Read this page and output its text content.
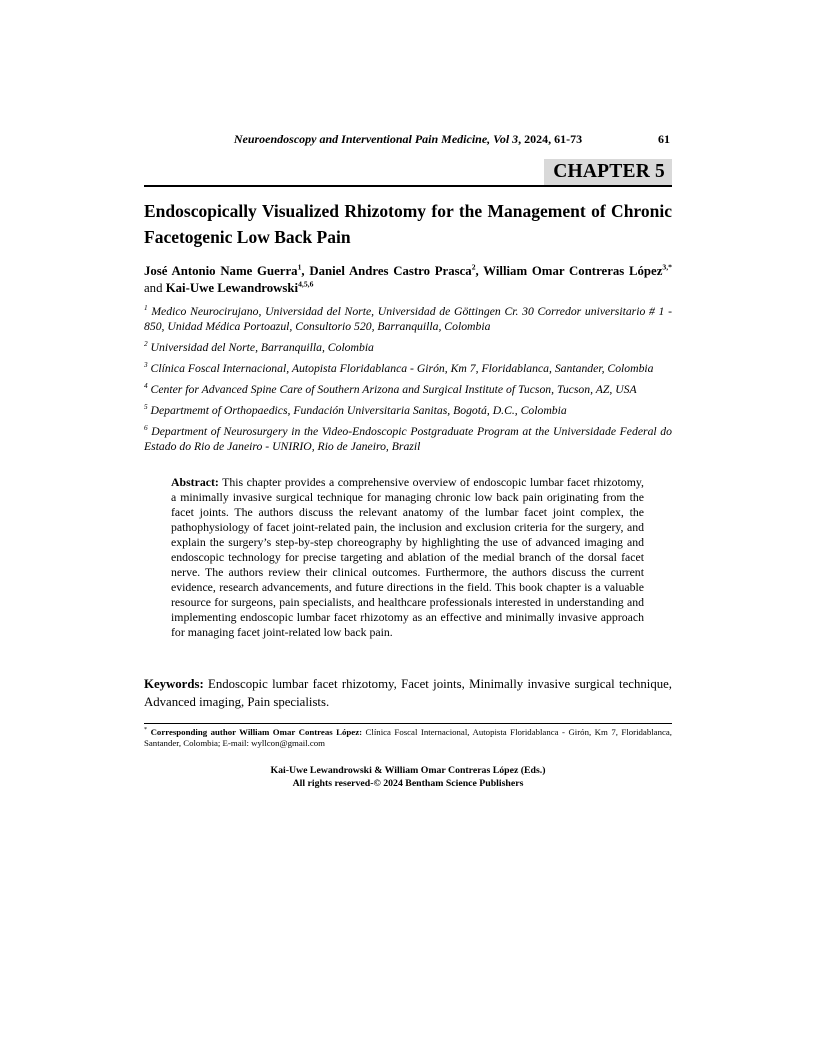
Neuroendoscopy and Interventional Pain Medicine, Vol 3, 2024, 61-73	61
CHAPTER 5
Endoscopically Visualized Rhizotomy for the Management of Chronic Facetogenic Low Back Pain

José Antonio Name Guerra$^1$, Daniel Andres Castro Prasca$^2$, William Omar Contreras López$^{3,*}$ and Kai-Uwe Lewandrowski$^{4,5,6}$

$^1$ Medico Neurocirujano, Universidad del Norte, Universidad de Göttingen Cr. 30 Corredor universitario # 1 - 850, Unidad Médica Portoazul, Consultorio 520, Barranquilla, Colombia

$^2$ Universidad del Norte, Barranquilla, Colombia

$^3$ Clínica Foscal Internacional, Autopista Floridablanca - Girón, Km 7, Floridablanca, Santander, Colombia

$^4$ Center for Advanced Spine Care of Southern Arizona and Surgical Institute of Tucson, Tucson, AZ, USA

$^5$ Departmemt of Orthopaedics, Fundación Universitaria Sanitas, Bogotá, D.C., Colombia

$^6$ Department of Neurosurgery in the Video-Endoscopic Postgraduate Program at the Universidade Federal do Estado do Rio de Janeiro - UNIRIO, Rio de Janeiro, Brazil

Abstract: This chapter provides a comprehensive overview of endoscopic lumbar facet rhizotomy, a minimally invasive surgical technique for managing chronic low back pain originating from the facet joints. The authors discuss the relevant anatomy of the lumbar facet joint complex, the pathophysiology of facet joint-related pain, the inclusion and exclusion criteria for the surgery, and explain the surgery’s step-by-step choreography by highlighting the use of advanced imaging and endoscopic technology for precise targeting and ablation of the medial branch of the dorsal facet nerve. The authors review their clinical outcomes. Furthermore, the authors discuss the current evidence, research advancements, and future directions in the field. This book chapter is a valuable resource for surgeons, pain specialists, and healthcare professionals interested in understanding and implementing endoscopic lumbar facet rhizotomy as an effective and minimally invasive approach for managing facet joint-related low back pain.

Keywords: Endoscopic lumbar facet rhizotomy, Facet joints, Minimally invasive surgical technique, Advanced imaging, Pain specialists.

* Corresponding author William Omar Contreas López: Clínica Foscal Internacional, Autopista Floridablanca - Girón, Km 7, Floridablanca, Santander, Colombia; E-mail: wyllcon@gmail.com

Kai-Uwe Lewandrowski & William Omar Contreras López (Eds.)
All rights reserved-© 2024 Bentham Science Publishers
